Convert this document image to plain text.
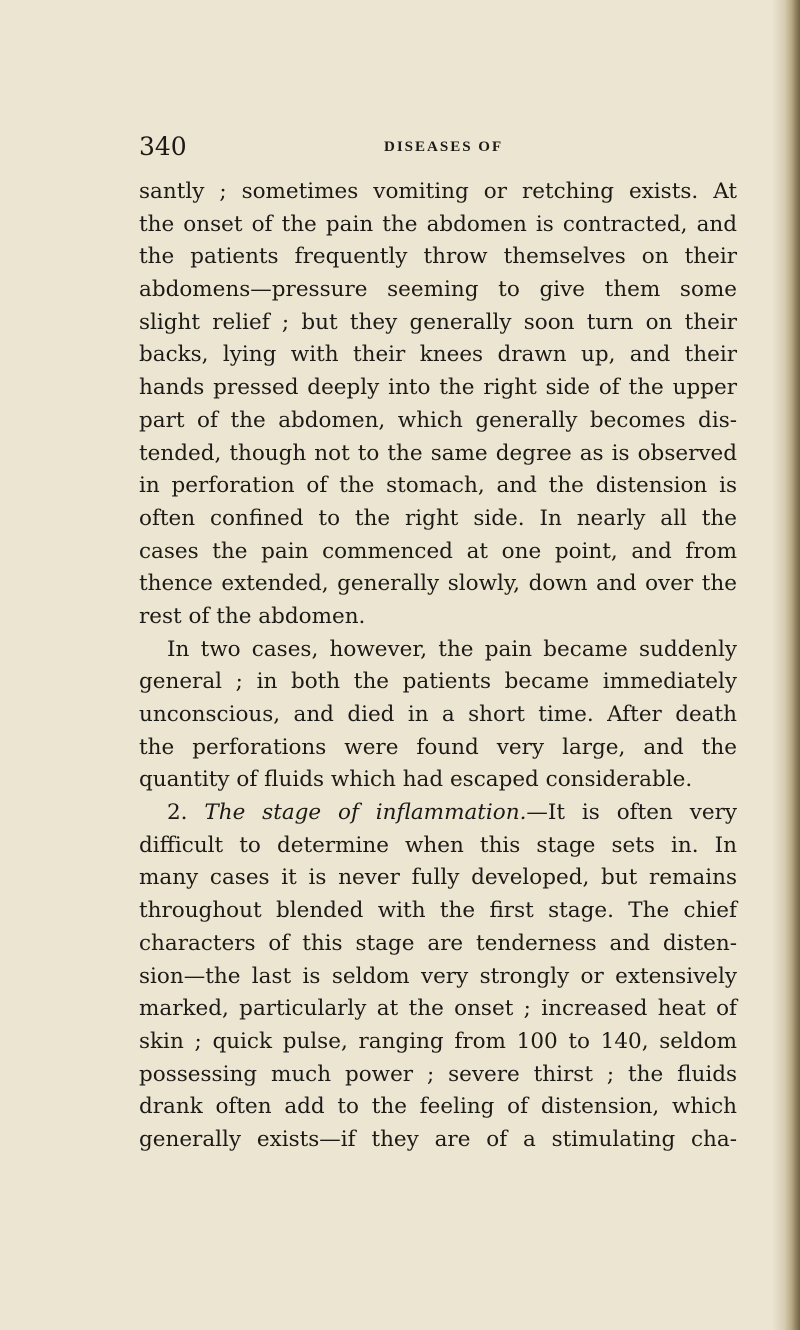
340	DISEASES OF
santly ; sometimes vomiting or retching exists. At
the onset of the pain the abdomen is contracted, and
the patients frequently throw themselves on their
abdomens—pressure seeming to give them some
slight relief ; but they generally soon turn on their
backs, lying with their knees drawn up, and their
hands pressed deeply into the right side of the upper
part of the abdomen, which generally becomes dis-
tended, though not to the same degree as is observed
in perforation of the stomach, and the distension is
often confined to the right side. In nearly all the
cases the pain commenced at one point, and from
thence extended, generally slowly, down and over the
rest of the abdomen.
In two cases, however, the pain became suddenly
general ; in both the patients became immediately
unconscious, and died in a short time. After death
the perforations were found very large, and the
quantity of fluids which had escaped considerable.
2. The stage of inflammation.—It is often very
difficult to determine when this stage sets in. In
many cases it is never fully developed, but remains
throughout blended with the first stage. The chief
characters of this stage are tenderness and disten-
sion—the last is seldom very strongly or extensively
marked, particularly at the onset ; increased heat of
skin ; quick pulse, ranging from 100 to 140, seldom
possessing much power ; severe thirst ; the fluids
drank often add to the feeling of distension, which
generally exists—if they are of a stimulating cha-
